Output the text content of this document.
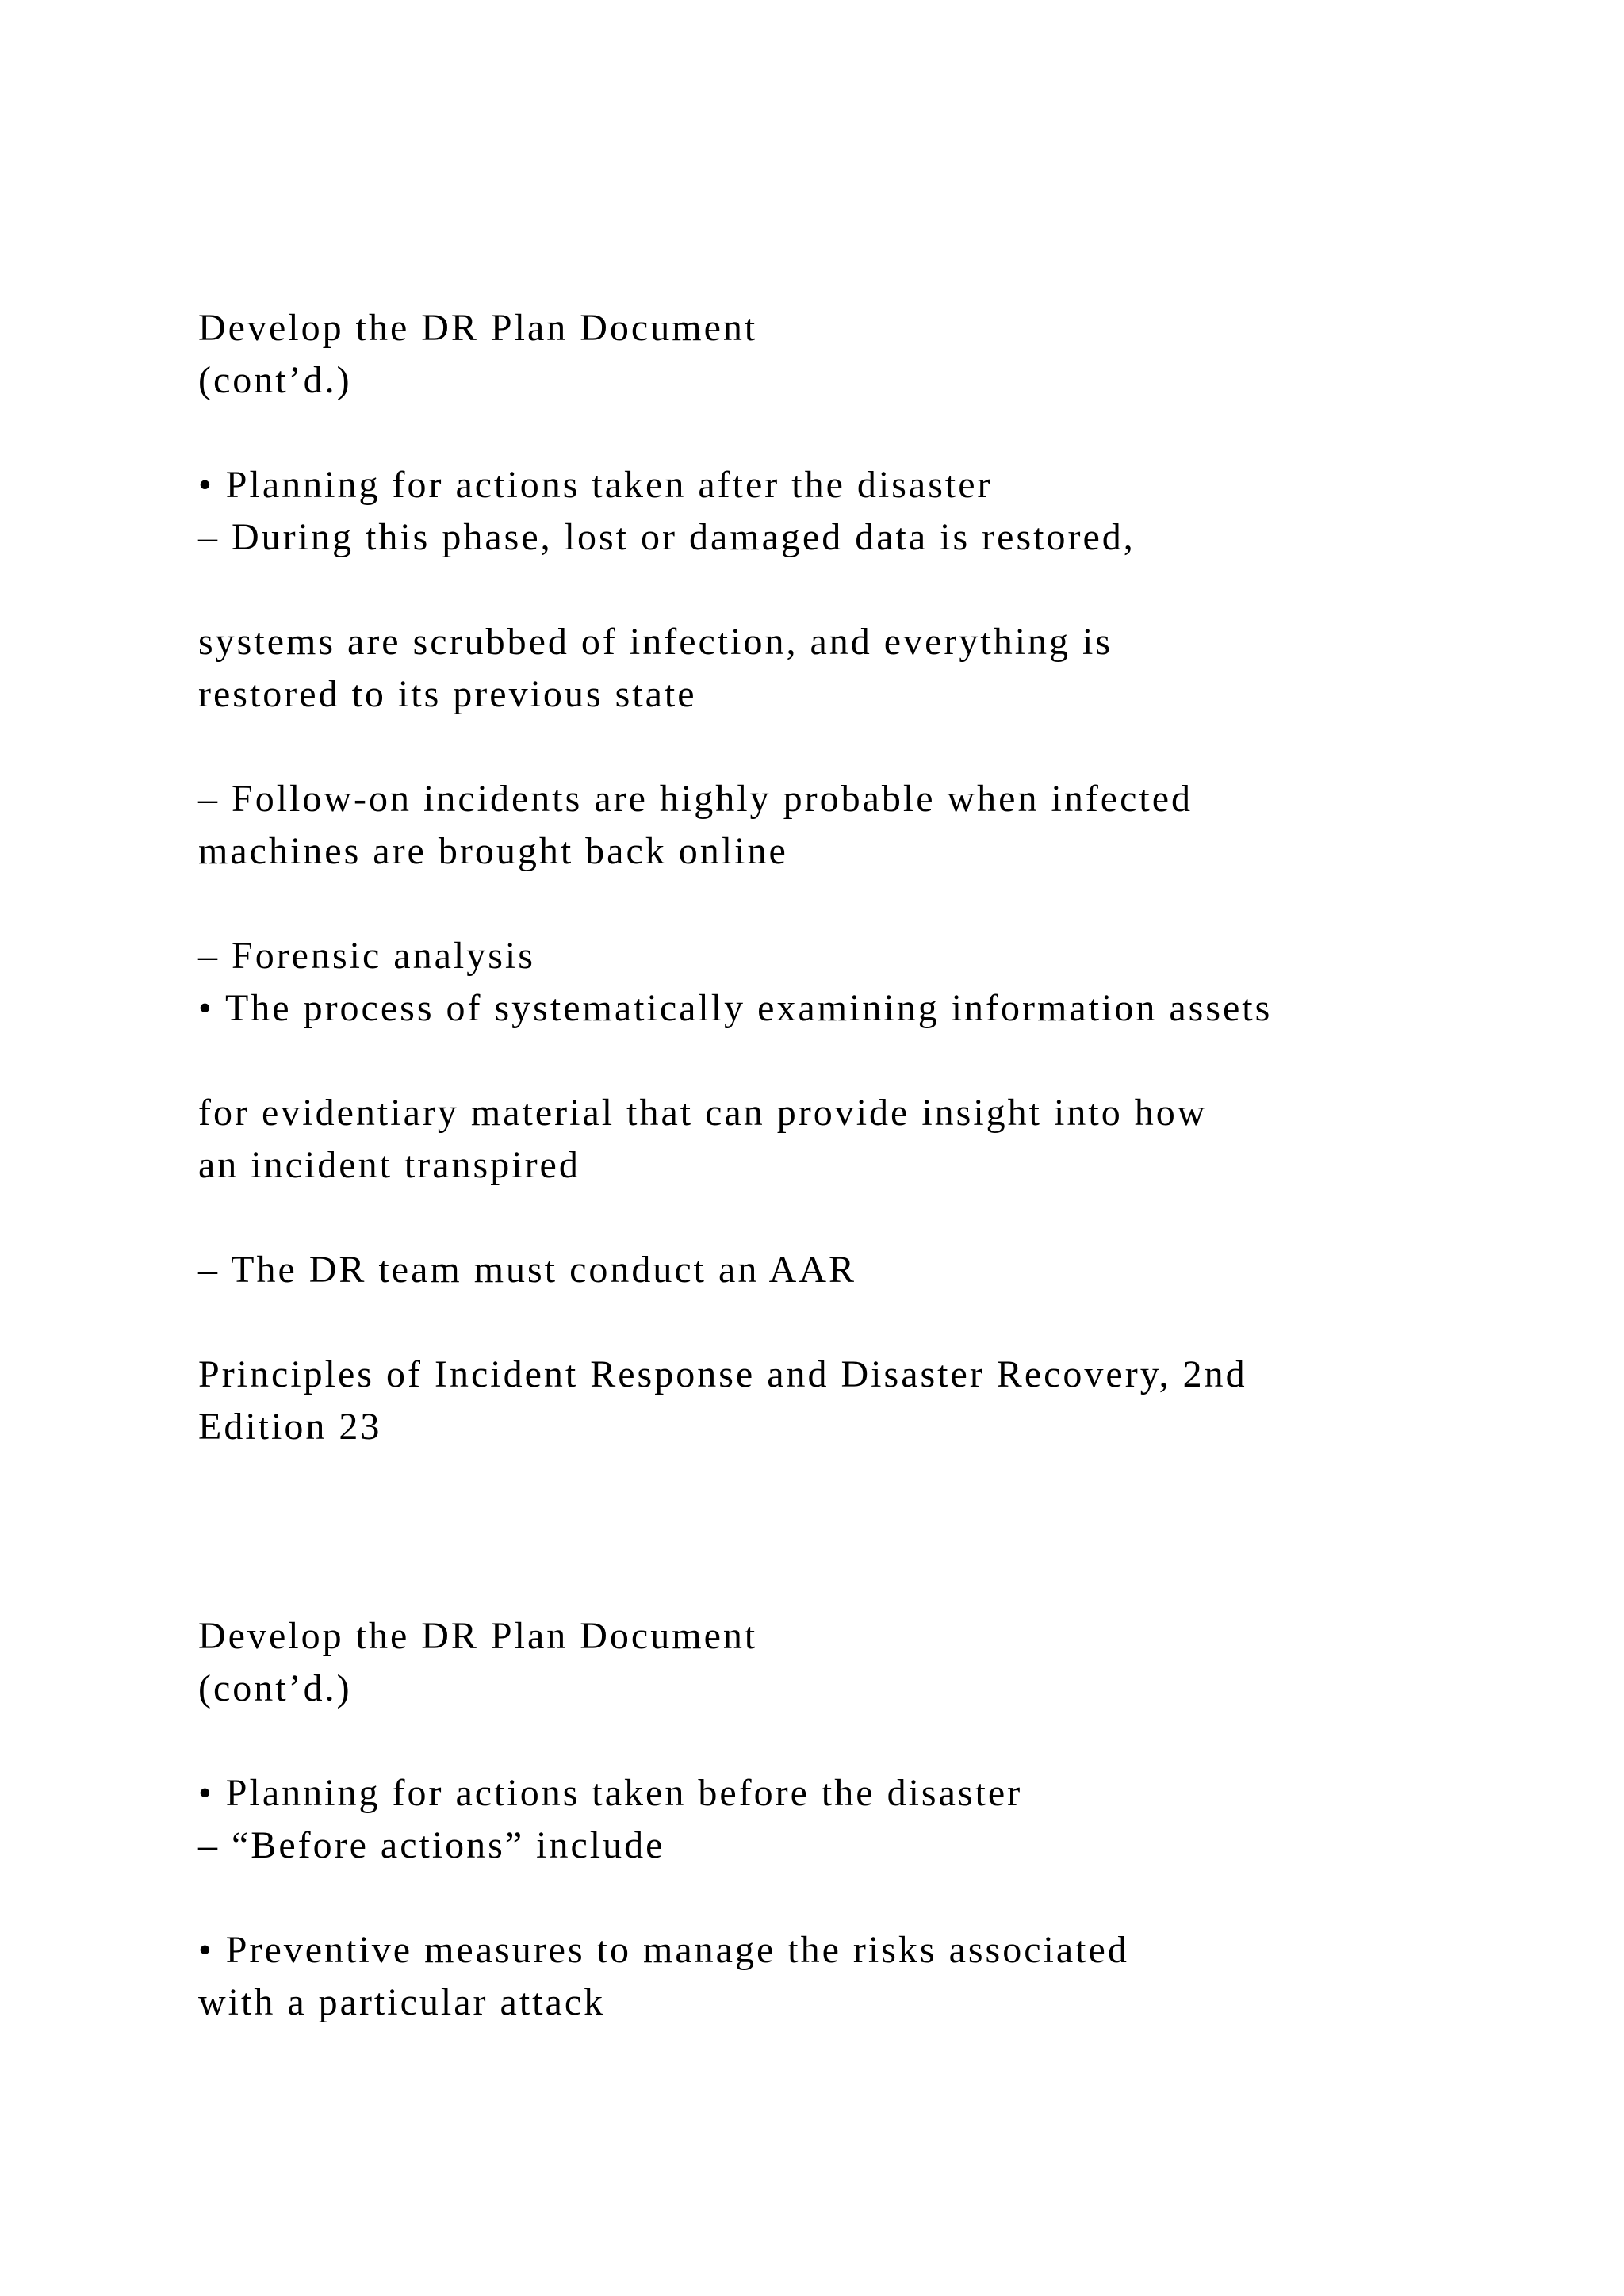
Develop the DR Plan Document

(cont’d.)

• Planning for actions taken after the disaster

– During this phase, lost or damaged data is restored,

systems are scrubbed of infection, and everything is

restored to its previous state

– Follow-on incidents are highly probable when infected

machines are brought back online

– Forensic analysis

• The process of systematically examining information assets

for evidentiary material that can provide insight into how

an incident transpired

– The DR team must conduct an AAR

Principles of Incident Response and Disaster Recovery, 2nd

Edition 23

Develop the DR Plan Document

(cont’d.)

• Planning for actions taken before the disaster

– “Before actions” include

• Preventive measures to manage the risks associated

with a particular attack
